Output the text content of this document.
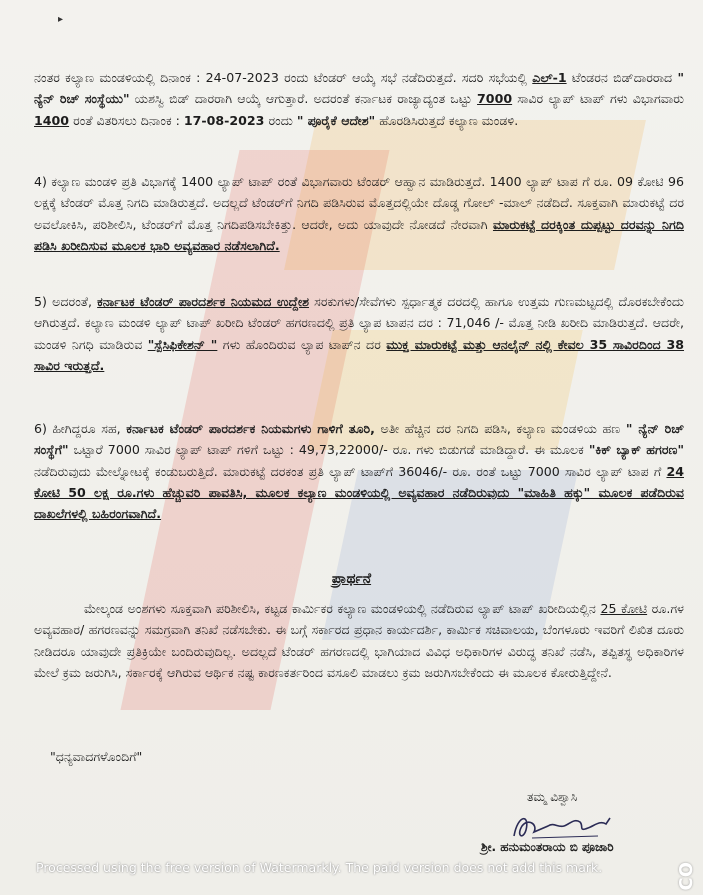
▸
ನಂತರ ಕಲ್ಯಾಣ ಮಂಡಳಿಯಲ್ಲಿ ದಿನಾಂಕ : 24-07-2023 ರಂದು ಟೆಂಡರ್ ಆಯ್ಕೆ ಸಭೆ ನಡೆದಿರುತ್ತದೆ. ಸದರಿ ಸಭೆಯಲ್ಲಿ ಎಲ್-1 ಟೆಂಡರನ ಬಿಡ್‌ದಾರರಾದ " ನ್ಯೆನ್ ರಿಚ್ ಸಂಸ್ಥೆಯು" ಯಶಸ್ವಿ ಬಿಡ್ ದಾರರಾಗಿ ಆಯ್ಕೆ ಆಗುತ್ತಾರೆ. ಅದರಂತೆ ಕರ್ನಾಟಕ ರಾಜ್ಯಾದ್ಯಂತ ಒಟ್ಟು 7000 ಸಾವಿರ ಲ್ಯಾಪ್ ಟಾಪ್ ಗಳು ವಿಭಾಗವಾರು 1400 ರಂತೆ ವಿತರಿಸಲು ದಿನಾಂಕ : 17-08-2023 ರಂದು " ಪೂರೈಕೆ ಆದೇಶ" ಹೊರಡಿಸಿರುತ್ತದೆ ಕಲ್ಯಾಣ ಮಂಡಳಿ.
4) ಕಲ್ಯಾಣ ಮಂಡಳಿ ಪ್ರತಿ ವಿಭಾಗಕ್ಕೆ 1400 ಲ್ಯಾಪ್ ಟಾಪ್ ರಂತೆ ವಿಭಾಗವಾರು ಟೆಂಡರ್ ಆಹ್ವಾನ ಮಾಡಿರುತ್ತದೆ. 1400 ಲ್ಯಾಪ್ ಟಾಪ ಗೆ ರೂ. 09 ಕೋಟಿ 96 ಲಕ್ಷಕ್ಕೆ ಟೆಂಡರ್ ಮೊತ್ತ ನಿಗದಿ ಮಾಡಿರುತ್ತದೆ. ಅದಲ್ಲದೆ ಟೆಂಡರ್‌ಗೆ ನಿಗದಿ ಪಡಿಸಿರುವ ಮೊತ್ತದಲ್ಲಿಯೇ ದೊಡ್ಡ ಗೋಲ್ -ಮಾಲ್ ನಡೆದಿದೆ. ಸೂಕ್ತವಾಗಿ ಮಾರುಕಟ್ಟೆ ದರ ಅವಲೋಕಿಸಿ, ಪರಿಶೀಲಿಸಿ, ಟೆಂಡರ್‌ಗೆ ಮೊತ್ತ ನಿಗದಿಪಡಿಸಬೇಕಿತ್ತು. ಆದರೇ, ಅದು ಯಾವುದೇ ನೋಡದೆ ನೇರವಾಗಿ ಮಾರುಕಟ್ಟೆ ದರಕ್ಕಿಂತ ದುಪ್ಪಟ್ಟು ದರವನ್ನು ನಿಗದಿ ಪಡಿಸಿ ಖರೀದಿಸುವ ಮೂಲಕ ಭಾರಿ ಅವ್ಯವಹಾರ ನಡೆಸಲಾಗಿದೆ.
5) ಅದರಂತೆ, ಕರ್ನಾಟಕ ಟೆಂಡರ್ ಪಾರದರ್ಶಕ ನಿಯಮದ ಉದ್ದೇಶ ಸರಕುಗಳು/ಸೇವೆಗಳು ಸ್ಪರ್ಧಾತ್ಮಕ ದರದಲ್ಲಿ ಹಾಗೂ ಉತ್ತಮ ಗುಣಮಟ್ಟದಲ್ಲಿ ದೊರಕಬೇಕೆಂದು ಆಗಿರುತ್ತದೆ. ಕಲ್ಯಾಣ ಮಂಡಳಿ ಲ್ಯಾಪ್ ಟಾಪ್ ಖರೀದಿ ಟೆಂಡರ್ ಹಗರಣದಲ್ಲಿ ಪ್ರತಿ ಲ್ಯಾಪ ಟಾಪನ ದರ : 71,046 /- ಮೊತ್ತ ನೀಡಿ ಖರೀದಿ ಮಾಡಿರುತ್ತದೆ. ಆದರೇ, ಮಂಡಳಿ ನಿಗಧಿ ಮಾಡಿರುವ "ಸ್ಪೆಸಿಫಿಕೇಶನ್ " ಗಳು ಹೊಂದಿರುವ ಲ್ಯಾಪ ಟಾಪ್‌ನ ದರ ಮುಕ್ತ ಮಾರುಕಟ್ಟೆ ಮತ್ತು ಆನಲೈನ್ ನಲ್ಲಿ ಕೇವಲ 35 ಸಾವಿರದಿಂದ 38 ಸಾವಿರ ಇರುತ್ತದೆ.
6) ಹೀಗಿದ್ದರೂ ಸಹ, ಕರ್ನಾಟಕ ಟೆಂಡರ್ ಪಾರದರ್ಶಕ ನಿಯಮಗಳು ಗಾಳಿಗೆ ತೂರಿ, ಅತೀ ಹೆಚ್ಚಿನ ದರ ನಿಗದಿ ಪಡಿಸಿ, ಕಲ್ಯಾಣ ಮಂಡಳಿಯ ಹಣ " ನ್ಯೆನ್ ರಿಚ್ ಸಂಸ್ಥೆಗೆ" ಒಟ್ಟಾರೆ 7000 ಸಾವಿರ ಲ್ಯಾಪ್ ಟಾಪ್ ಗಳಿಗೆ ಒಟ್ಟು : 49,73,22000/- ರೂ. ಗಳು ಬಿಡುಗಡೆ ಮಾಡಿದ್ದಾರೆ. ಈ ಮೂಲಕ "ಕಿಕ್ ಬ್ಯಾಕ್ ಹಗರಣ" ನಡೆದಿರುವುದು ಮೇಲ್ನೋಟಕ್ಕೆ ಕಂಡುಬರುತ್ತಿದೆ. ಮಾರುಕಟ್ಟೆ ದರಕಂತ ಪ್ರತಿ ಲ್ಯಾಪ್ ಟಾಪ್‌ಗೆ 36046/- ರೂ. ರಂತೆ ಒಟ್ಟು 7000 ಸಾವಿರ ಲ್ಯಾಪ್ ಟಾಪ ಗೆ 24 ಕೋಟಿ 50 ಲಕ್ಷ ರೂ.ಗಳು ಹೆಚ್ಚುವರಿ ಪಾವತಿಸಿ, ಮೂಲಕ ಕಲ್ಯಾಣ ಮಂಡಳಿಯಲ್ಲಿ ಅವ್ಯವಹಾರ ನಡೆದಿರುವುದು "ಮಾಹಿತಿ ಹಕ್ಕು" ಮೂಲಕ ಪಡೆದಿರುವ ದಾಖಲೆಗಳಲ್ಲಿ ಬಹಿರಂಗವಾಗಿದೆ.
ಪ್ರಾರ್ಥನೆ
ಮೇಲ್ಕಂಡ ಅಂಶಗಳು ಸೂಕ್ತವಾಗಿ ಪರಿಶೀಲಿಸಿ, ಕಟ್ಟಡ ಕಾರ್ಮಿಕರ ಕಲ್ಯಾಣ ಮಂಡಳಿಯಲ್ಲಿ ನಡೆದಿರುವ ಲ್ಯಾಪ್ ಟಾಪ್ ಖರೀದಿಯಲ್ಲಿನ 25 ಕೋಟಿ ರೂ.ಗಳ ಅವ್ಯವಹಾರ/ ಹಗರಣವನ್ನು ಸಮಗ್ರವಾಗಿ ತನಿಖೆ ನಡೆಸಬೇಕು. ಈ ಬಗ್ಗೆ ಸರ್ಕಾರದ ಪ್ರಧಾನ ಕಾರ್ಯದರ್ಶಿ, ಕಾರ್ಮಿಕ ಸಚಿವಾಲಯ, ಬೆಂಗಳೂರು ಇವರಿಗೆ ಲಿಖಿತ ದೂರು ನೀಡಿದರೂ ಯಾವುದೇ ಪ್ರತಿಕ್ರಿಯೇ ಬಂದಿರುವುದಿಲ್ಲ. ಅದಲ್ಲದೆ ಟೆಂಡರ್ ಹಗರಣದಲ್ಲಿ ಭಾಗಿಯಾದ ವಿವಿಧ ಅಧಿಕಾರಿಗಳ ವಿರುದ್ಧ ತನಿಖೆ ನಡೆಸಿ, ತಪ್ಪಿತಸ್ಥ ಅಧಿಕಾರಿಗಳ ಮೇಲೆ ಕ್ರಮ ಜರುಗಿಸಿ, ಸರ್ಕಾರಕ್ಕೆ ಆಗಿರುವ ಆರ್ಥಿಕ ನಷ್ಟ ಕಾರಣಕರ್ತರಿಂದ ವಸೂಲಿ ಮಾಡಲು ಕ್ರಮ ಜರುಗಿಸಬೇಕೆಂದು ಈ ಮೂಲಕ ಕೋರುತ್ತಿದ್ದೇನೆ.
"ಧನ್ಯವಾದಗಳೊಂದಿಗೆ"
ತಮ್ಮ ವಿಶ್ವಾಸಿ
ಶ್ರೀ. ಹನುಮಂತರಾಯ ಬಿ ಪೂಜಾರಿ
Processed using the free version of Watermarkly. The paid version does not add this mark.	CO
